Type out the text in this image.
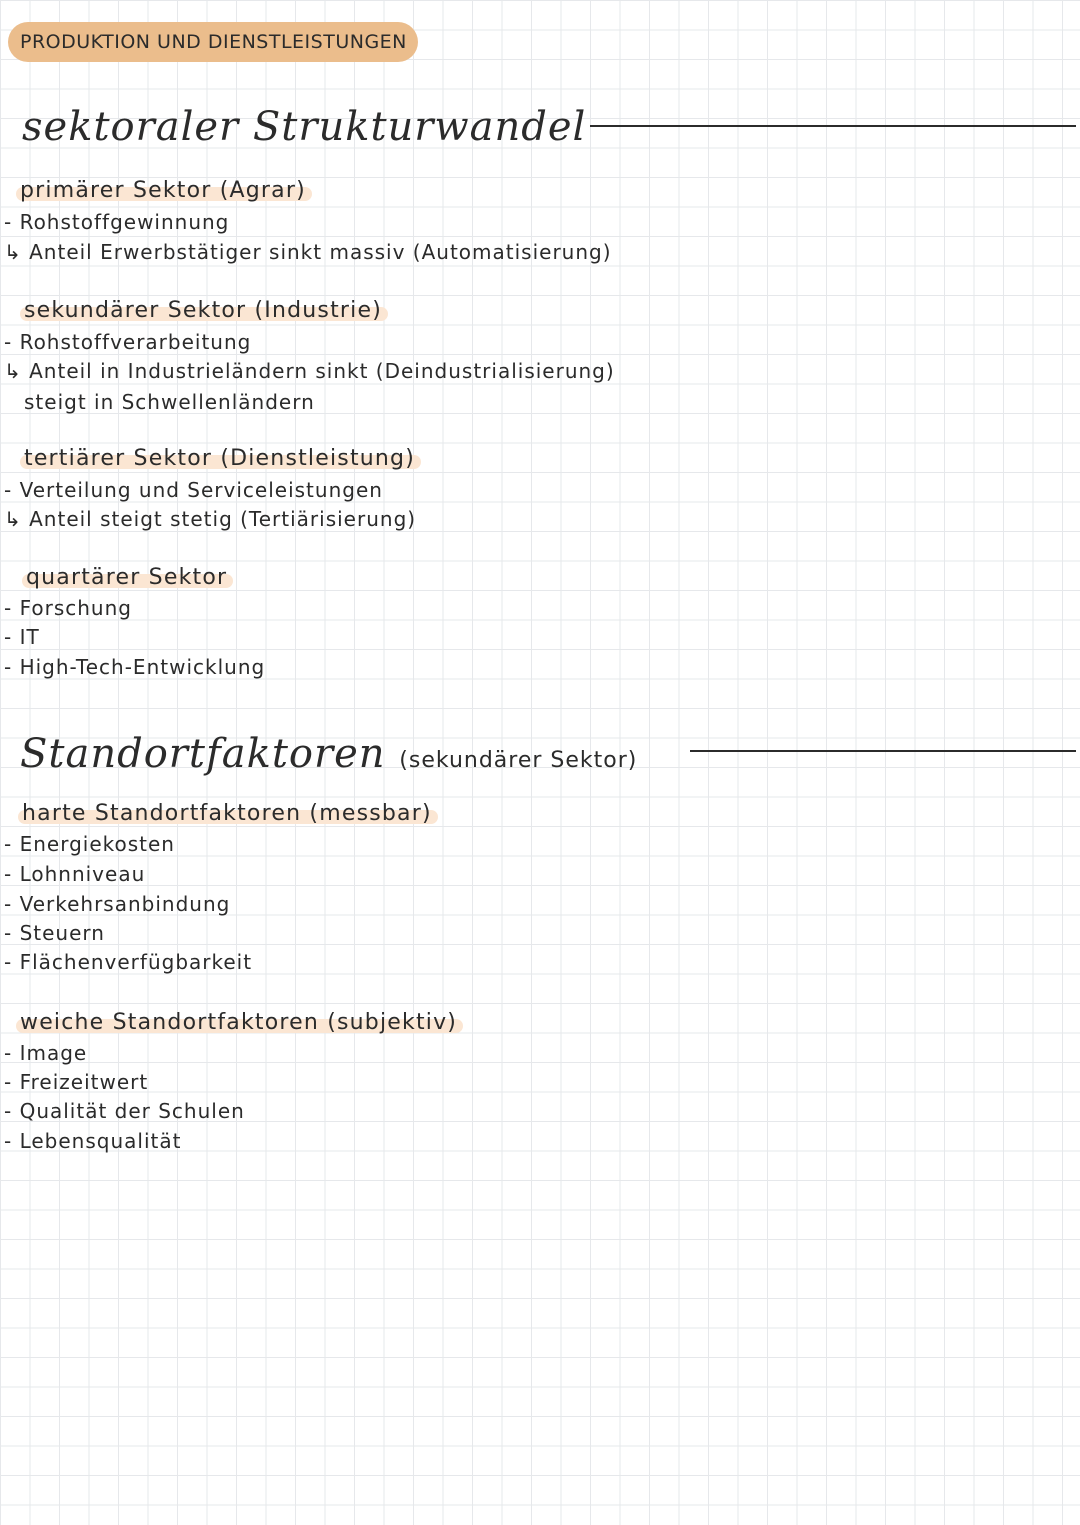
PRODUKTION UND DIENSTLEISTUNGEN
sektoraler Strukturwandel
primärer Sektor (Agrar)
- Rohstoffgewinnung
↳ Anteil Erwerbstätiger sinkt massiv (Automatisierung)
sekundärer Sektor (Industrie)
- Rohstoffverarbeitung
↳ Anteil in Industrieländern sinkt (Deindustrialisierung)
steigt in Schwellenländern
tertiärer Sektor (Dienstleistung)
- Verteilung und Serviceleistungen
↳ Anteil steigt stetig (Tertiärisierung)
quartärer Sektor
- Forschung
- IT
- High-Tech-Entwicklung
Standortfaktoren (sekundärer Sektor)
harte Standortfaktoren (messbar)
- Energiekosten
- Lohnniveau
- Verkehrsanbindung
- Steuern
- Flächenverfügbarkeit
weiche Standortfaktoren (subjektiv)
- Image
- Freizeitwert
- Qualität der Schulen
- Lebensqualität
